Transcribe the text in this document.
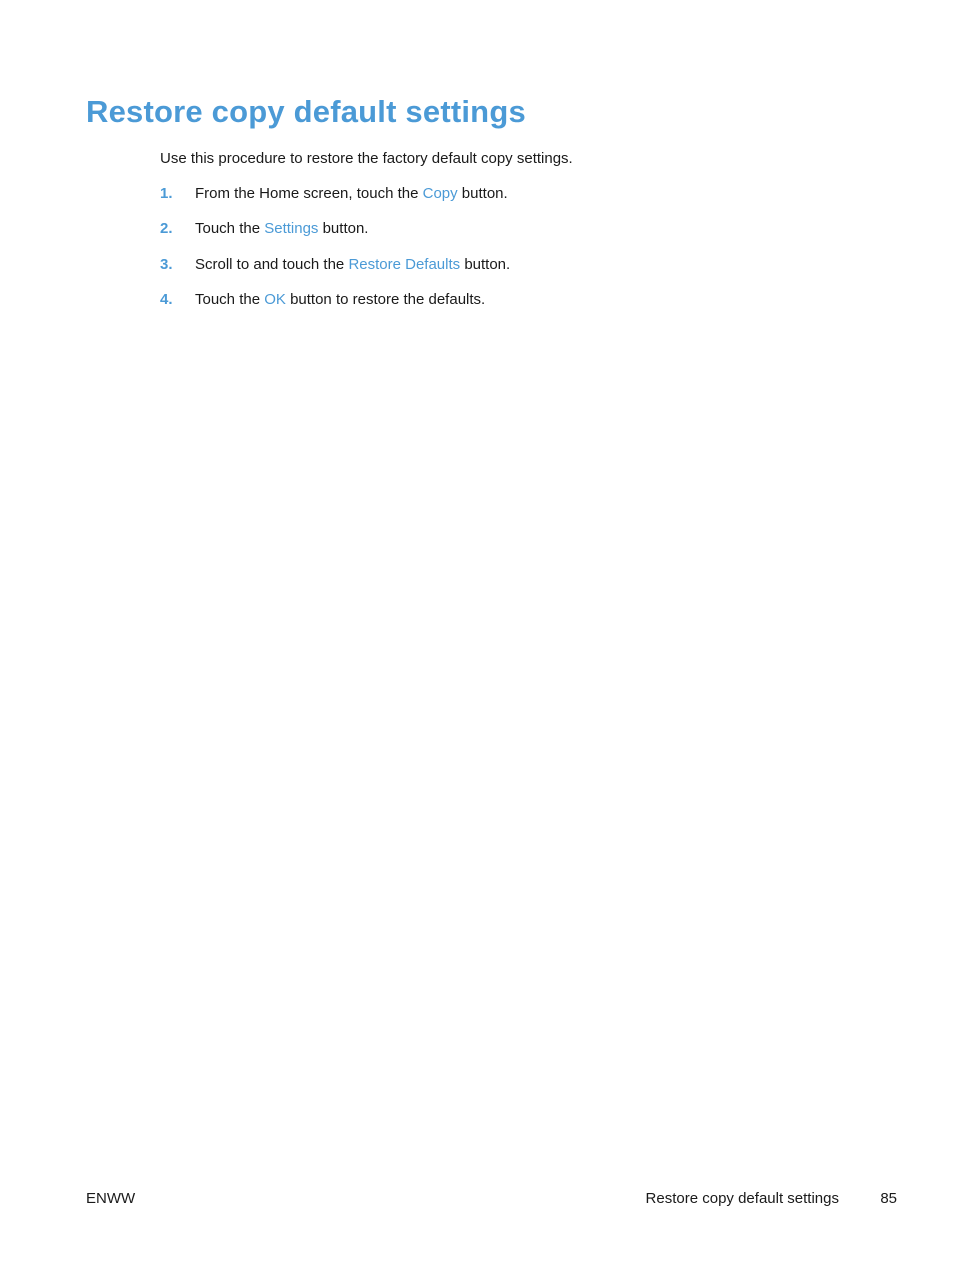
Restore copy default settings

Use this procedure to restore the factory default copy settings.

1. From the Home screen, touch the Copy button.
2. Touch the Settings button.
3. Scroll to and touch the Restore Defaults button.
4. Touch the OK button to restore the defaults.
ENWW	Restore copy default settings	85
